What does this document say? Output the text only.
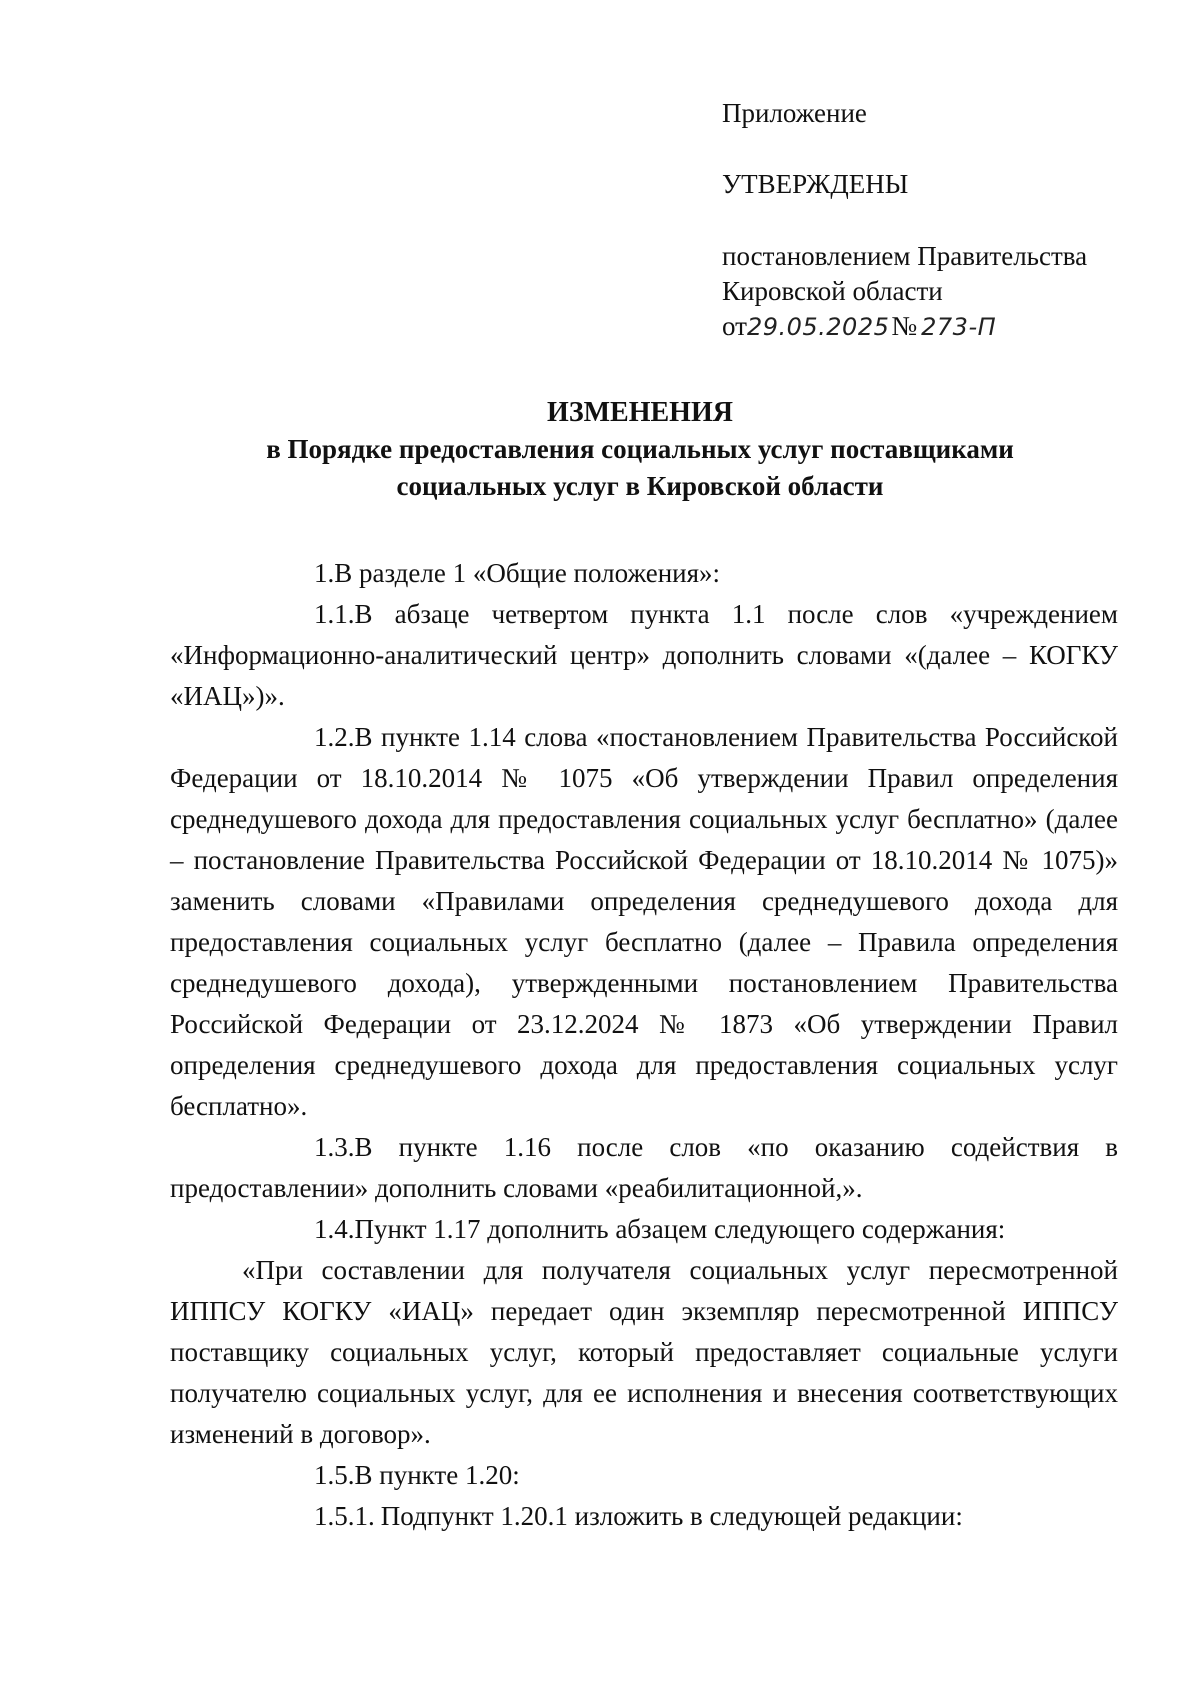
Приложение
УТВЕРЖДЕНЫ
постановлением Правительства
Кировской области
от 29.05.2025 № 273-П
ИЗМЕНЕНИЯ
в Порядке предоставления социальных услуг поставщиками
социальных услуг в Кировской области

1.В разделе 1 «Общие положения»:

1.1.В абзаце четвертом пункта 1.1 после слов «учреждением «Информационно-аналитический центр» дополнить словами «(далее – КОГКУ «ИАЦ»)».

1.2.В пункте 1.14 слова «постановлением Правительства Российской Федерации от 18.10.2014 № 1075 «Об утверждении Правил определения среднедушевого дохода для предоставления социальных услуг бесплатно» (далее – постановление Правительства Российской Федерации от 18.10.2014 № 1075)» заменить словами «Правилами определения среднедушевого дохода для предоставления социальных услуг бесплатно (далее – Правила определения среднедушевого дохода), утвержденными постановлением Правительства Российской Федерации от 23.12.2024 № 1873 «Об утверждении Правил определения среднедушевого дохода для предоставления социальных услуг бесплатно».

1.3.В пункте 1.16 после слов «по оказанию содействия в предоставлении» дополнить словами «реабилитационной,».

1.4.Пункт 1.17 дополнить абзацем следующего содержания:

«При составлении для получателя социальных услуг пересмотренной ИППСУ КОГКУ «ИАЦ» передает один экземпляр пересмотренной ИППСУ поставщику социальных услуг, который предоставляет социальные услуги получателю социальных услуг, для ее исполнения и внесения соответствующих изменений в договор».

1.5.В пункте 1.20:

1.5.1. Подпункт 1.20.1 изложить в следующей редакции:
